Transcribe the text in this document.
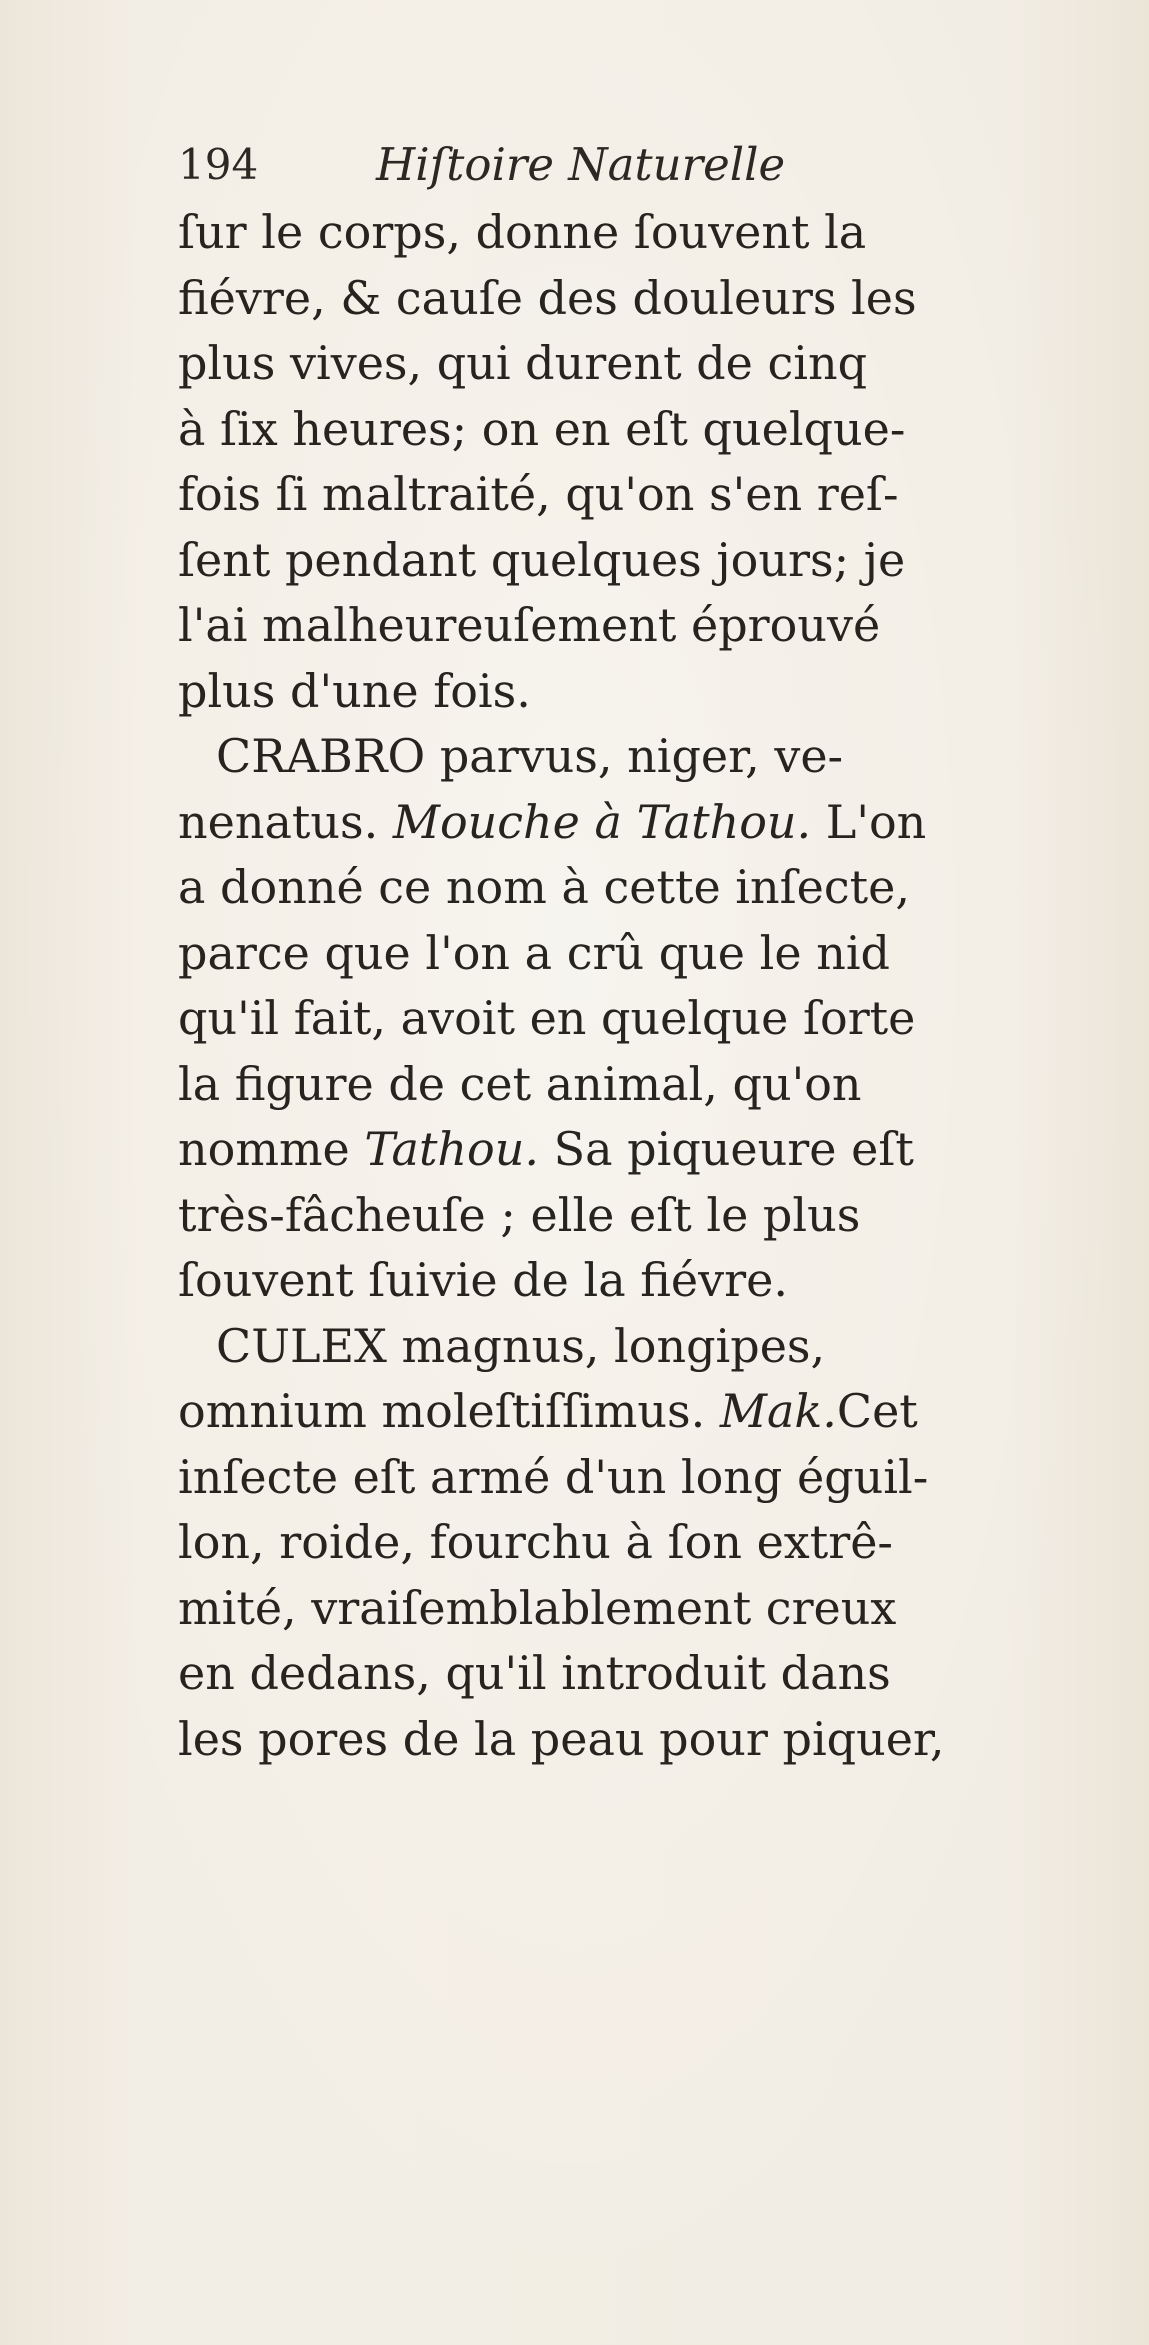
194	Hiſtoire Naturelle
ſur le corps, donne ſouvent la
fiévre, & cauſe des douleurs les
plus vives, qui durent de cinq
à ſix heures; on en eſt quelque-
fois ſi maltraité, qu'on s'en reſ-
ſent pendant quelques jours; je
l'ai malheureuſement éprouvé
plus d'une fois.
CRABRO parvus, niger, ve-
nenatus. Mouche à Tathou. L'on
a donné ce nom à cette inſecte,
parce que l'on a crû que le nid
qu'il fait, avoit en quelque ſorte
la figure de cet animal, qu'on
nomme Tathou. Sa piqueure eſt
très-fâcheuſe ; elle eſt le plus
ſouvent ſuivie de la fiévre.
CULEX magnus, longipes,
omnium moleſtiſſimus. Mak.Cet
inſecte eſt armé d'un long éguil-
lon, roide, fourchu à ſon extrê-
mité, vraiſemblablement creux
en dedans, qu'il introduit dans
les pores de la peau pour piquer,
